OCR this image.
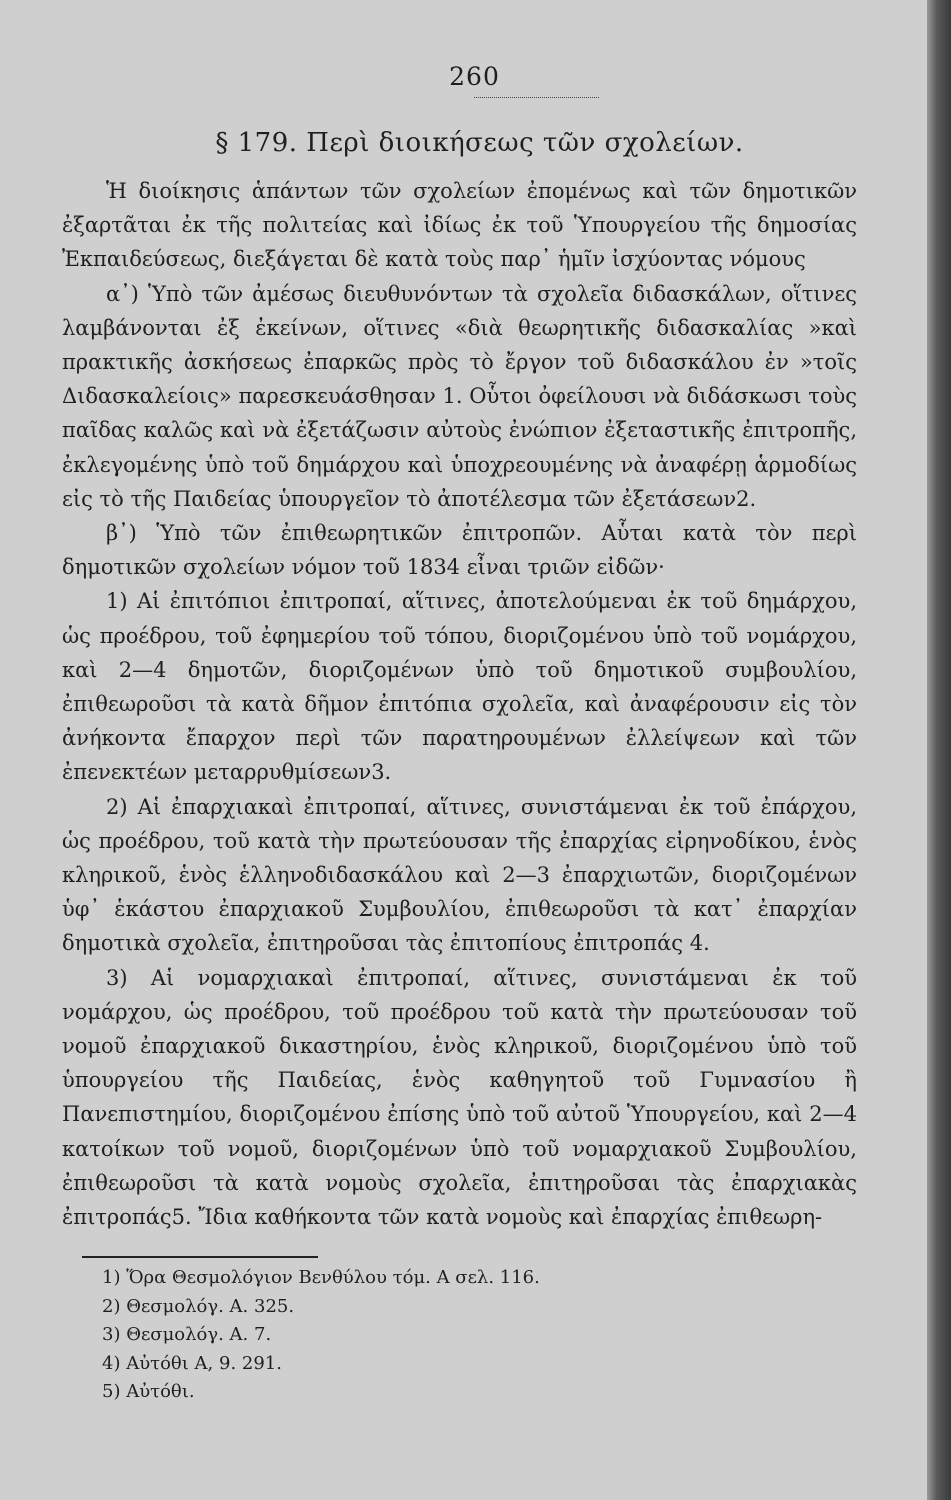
260
§ 179. Περὶ διοικήσεως τῶν σχολείων.

Ἡ διοίκησις ἁπάντων τῶν σχολείων ἐπομένως καὶ τῶν δημοτικῶν ἐξαρτᾶται ἐκ τῆς πολιτείας καὶ ἰδίως ἐκ τοῦ Ὑπουργείου τῆς δημοσίας Ἐκπαιδεύσεως, διεξάγεται δὲ κατὰ τοὺς παρ᾿ ἡμῖν ἰσχύοντας νόμους

α᾿) Ὑπὸ τῶν ἀμέσως διευθυνόντων τὰ σχολεῖα διδασκάλων, οἵτινες λαμβάνονται ἐξ ἐκείνων, οἵτινες «διὰ θεωρητικῆς διδασκαλίας »καὶ πρακτικῆς ἀσκήσεως ἐπαρκῶς πρὸς τὸ ἔργον τοῦ διδασκάλου ἐν »τοῖς Διδασκαλείοις» παρεσκευάσθησαν 1. Οὗτοι ὀφείλουσι νὰ διδάσκωσι τοὺς παῖδας καλῶς καὶ νὰ ἐξετάζωσιν αὐτοὺς ἐνώπιον ἐξεταστικῆς ἐπιτροπῆς, ἐκλεγομένης ὑπὸ τοῦ δημάρχου καὶ ὑποχρεουμένης νὰ ἀναφέρῃ ἁρμοδίως εἰς τὸ τῆς Παιδείας ὑπουργεῖον τὸ ἀποτέλεσμα τῶν ἐξετάσεων2.

β᾿) Ὑπὸ τῶν ἐπιθεωρητικῶν ἐπιτροπῶν. Αὗται κατὰ τὸν περὶ δημοτικῶν σχολείων νόμον τοῦ 1834 εἶναι τριῶν εἰδῶν·

1) Αἱ ἐπιτόπιοι ἐπιτροπαί, αἵτινες, ἀποτελούμεναι ἐκ τοῦ δημάρχου, ὡς προέδρου, τοῦ ἐφημερίου τοῦ τόπου, διοριζομένου ὑπὸ τοῦ νομάρχου, καὶ 2—4 δημοτῶν, διοριζομένων ὑπὸ τοῦ δημοτικοῦ συμβουλίου, ἐπιθεωροῦσι τὰ κατὰ δῆμον ἐπιτόπια σχολεῖα, καὶ ἀναφέρουσιν εἰς τὸν ἀνήκοντα ἔπαρχον περὶ τῶν παρατηρουμένων ἐλλείψεων καὶ τῶν ἐπενεκτέων μεταρρυθμίσεων3.

2) Αἱ ἐπαρχιακαὶ ἐπιτροπαί, αἵτινες, συνιστάμεναι ἐκ τοῦ ἐπάρχου, ὡς προέδρου, τοῦ κατὰ τὴν πρωτεύουσαν τῆς ἐπαρχίας εἰρηνοδίκου, ἑνὸς κληρικοῦ, ἑνὸς ἑλληνοδιδασκάλου καὶ 2—3 ἐπαρχιωτῶν, διοριζομένων ὑφ᾿ ἑκάστου ἐπαρχιακοῦ Συμβουλίου, ἐπιθεωροῦσι τὰ κατ᾿ ἐπαρχίαν δημοτικὰ σχολεῖα, ἐπιτηροῦσαι τὰς ἐπιτοπίους ἐπιτροπάς 4.

3) Αἱ νομαρχιακαὶ ἐπιτροπαί, αἵτινες, συνιστάμεναι ἐκ τοῦ νομάρχου, ὡς προέδρου, τοῦ προέδρου τοῦ κατὰ τὴν πρωτεύουσαν τοῦ νομοῦ ἐπαρχιακοῦ δικαστηρίου, ἑνὸς κληρικοῦ, διοριζομένου ὑπὸ τοῦ ὑπουργείου τῆς Παιδείας, ἑνὸς καθηγητοῦ τοῦ Γυμνασίου ἢ Πανεπιστημίου, διοριζομένου ἐπίσης ὑπὸ τοῦ αὐτοῦ Ὑπουργείου, καὶ 2—4 κατοίκων τοῦ νομοῦ, διοριζομένων ὑπὸ τοῦ νομαρχιακοῦ Συμβουλίου, ἐπιθεωροῦσι τὰ κατὰ νομοὺς σχολεῖα, ἐπιτηροῦσαι τὰς ἐπαρχιακὰς ἐπιτροπάς5. Ἴδια καθήκοντα τῶν κατὰ νομοὺς καὶ ἐπαρχίας ἐπιθεωρη-

1) Ὅρα Θεσμολόγιον Βενθύλου τόμ. Α σελ. 116.
2) Θεσμολόγ. Α. 325.
3) Θεσμολόγ. Α. 7.
4) Αὐτόθι Α, 9. 291.
5) Αὐτόθι.
